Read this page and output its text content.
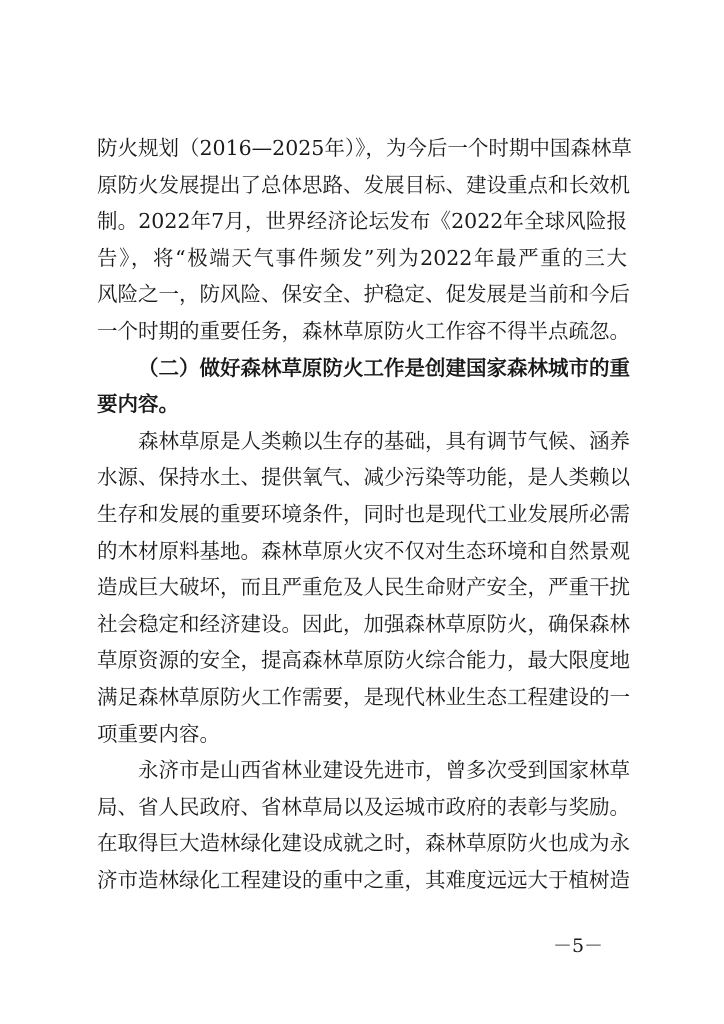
防火规划（2016—2025年）》，为今后一个时期中国森林草
原防火发展提出了总体思路、发展目标、建设重点和长效机
制。2022年7月，世界经济论坛发布《2022年全球风险报
告》，将“极端天气事件频发”列为2022年最严重的三大
风险之一，防风险、保安全、护稳定、促发展是当前和今后
一个时期的重要任务，森林草原防火工作容不得半点疏忽。
（二）做好森林草原防火工作是创建国家森林城市的重
要内容。
森林草原是人类赖以生存的基础，具有调节气候、涵养
水源、保持水土、提供氧气、减少污染等功能，是人类赖以
生存和发展的重要环境条件，同时也是现代工业发展所必需
的木材原料基地。森林草原火灾不仅对生态环境和自然景观
造成巨大破坏，而且严重危及人民生命财产安全，严重干扰
社会稳定和经济建设。因此，加强森林草原防火，确保森林
草原资源的安全，提高森林草原防火综合能力，最大限度地
满足森林草原防火工作需要，是现代林业生态工程建设的一
项重要内容。
永济市是山西省林业建设先进市，曾多次受到国家林草
局、省人民政府、省林草局以及运城市政府的表彰与奖励。
在取得巨大造林绿化建设成就之时，森林草原防火也成为永
济市造林绿化工程建设的重中之重，其难度远远大于植树造
－5－
